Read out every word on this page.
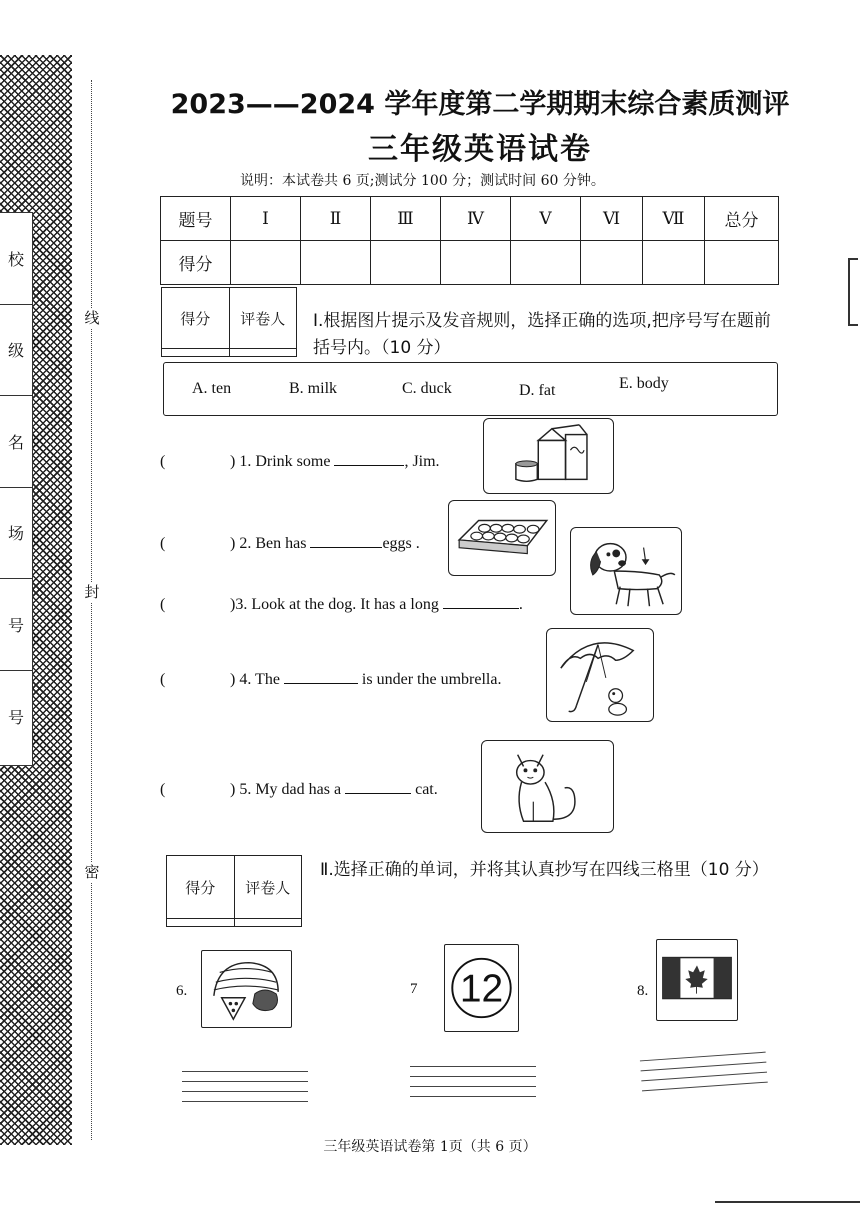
校
级
名
场
号
号
线
封
密
2023——2024 学年度第二学期期末综合素质测评
三年级英语试卷
说明：本试卷共 6 页;测试分 100 分；测试时间 60 分钟。
题号	Ⅰ	Ⅱ	Ⅲ	Ⅳ	Ⅴ	Ⅵ	Ⅶ	总分
得分								
得分	评卷人
	Ⅰ.根据图片提示及发音规则，选择正确的选项,把序号写在题前括号内。（10 分）
A. ten	B. milk	C. duck	D. fat	E. body
(	) 1. Drink some	, Jim.
(	) 2. Ben has	eggs .
(	)3. Look at the dog. It has a long	.
(	) 4. The	is under the umbrella.
(	) 5. My dad has a	cat.
得分	评卷人

Ⅱ.选择正确的单词，并将其认真抄写在四线三格里（10 分）
6.	7 12	8.
三年级英语试卷第 1页（共 6 页）
